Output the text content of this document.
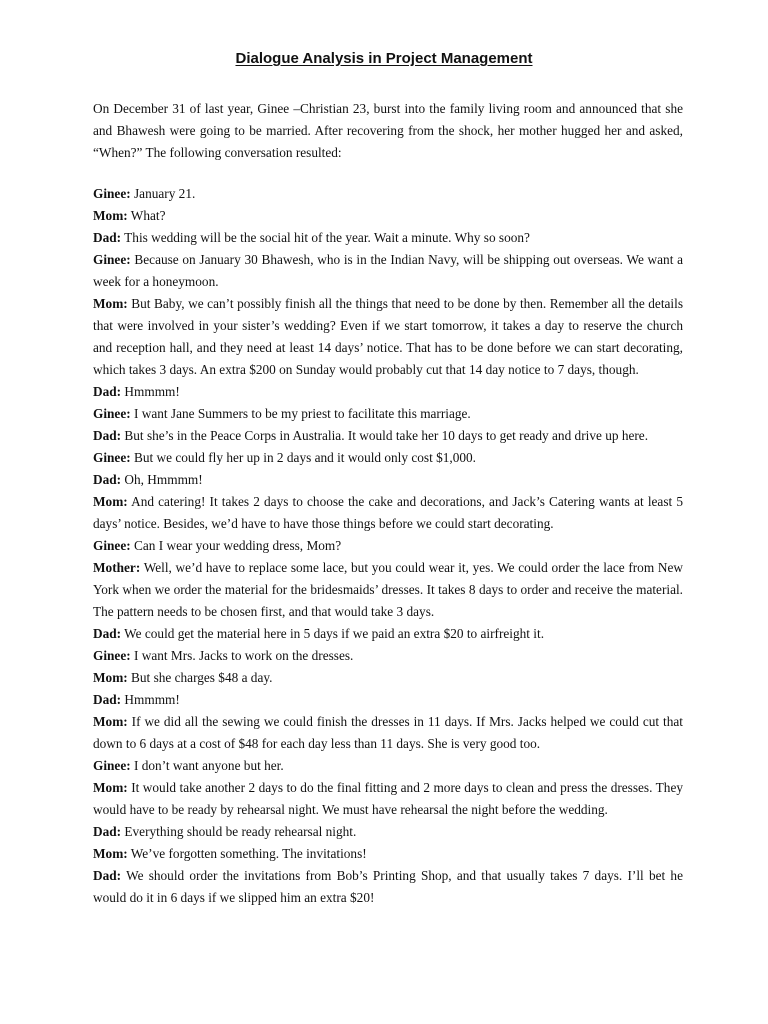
Dialogue Analysis in Project Management

On December 31 of last year, Ginee –Christian 23, burst into the family living room and announced that she and Bhawesh were going to be married. After recovering from the shock, her mother hugged her and asked, “When?” The following conversation resulted:

Ginee: January 21.

Mom: What?

Dad: This wedding will be the social hit of the year. Wait a minute. Why so soon?

Ginee: Because on January 30 Bhawesh, who is in the Indian Navy, will be shipping out overseas. We want a week for a honeymoon.

Mom: But Baby, we can’t possibly finish all the things that need to be done by then. Remember all the details that were involved in your sister’s wedding? Even if we start tomorrow, it takes a day to reserve the church and reception hall, and they need at least 14 days’ notice. That has to be done before we can start decorating, which takes 3 days. An extra $200 on Sunday would probably cut that 14 day notice to 7 days, though.

Dad: Hmmmm!

Ginee: I want Jane Summers to be my priest to facilitate this marriage.

Dad: But she’s in the Peace Corps in Australia. It would take her 10 days to get ready and drive up here.

Ginee: But we could fly her up in 2 days and it would only cost $1,000.

Dad: Oh, Hmmmm!

Mom: And catering! It takes 2 days to choose the cake and decorations, and Jack’s Catering wants at least 5 days’ notice. Besides, we’d have to have those things before we could start decorating.

Ginee: Can I wear your wedding dress, Mom?

Mother: Well, we’d have to replace some lace, but you could wear it, yes. We could order the lace from New York when we order the material for the bridesmaids’ dresses. It takes 8 days to order and receive the material. The pattern needs to be chosen first, and that would take 3 days.

Dad: We could get the material here in 5 days if we paid an extra $20 to airfreight it.

Ginee: I want Mrs. Jacks to work on the dresses.

Mom: But she charges $48 a day.

Dad: Hmmmm!

Mom: If we did all the sewing we could finish the dresses in 11 days. If Mrs. Jacks helped we could cut that down to 6 days at a cost of $48 for each day less than 11 days. She is very good too.

Ginee: I don’t want anyone but her.

Mom: It would take another 2 days to do the final fitting and 2 more days to clean and press the dresses. They would have to be ready by rehearsal night. We must have rehearsal the night before the wedding.

Dad: Everything should be ready rehearsal night.

Mom: We’ve forgotten something. The invitations!

Dad: We should order the invitations from Bob’s Printing Shop, and that usually takes 7 days. I’ll bet he would do it in 6 days if we slipped him an extra $20!
